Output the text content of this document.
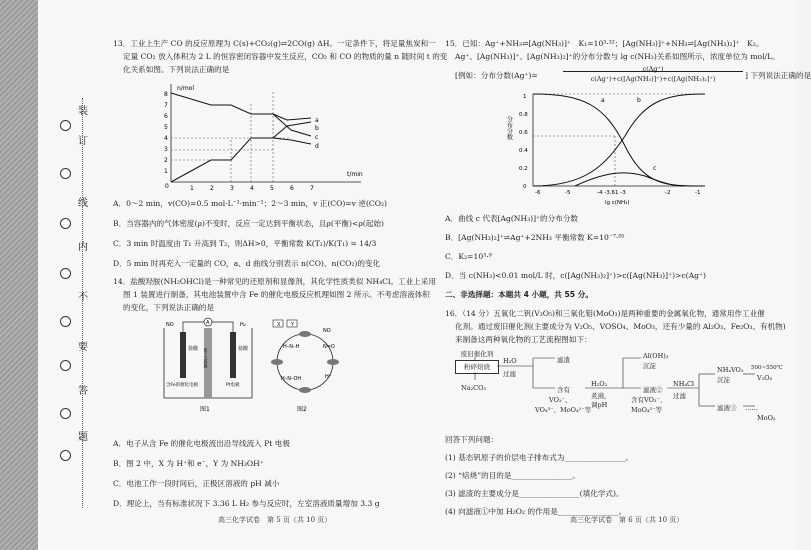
装
订
线
内
不
要
答
题
13．工业上生产 CO 的反应原理为 C(s)+CO₂(g)⇌2CO(g) ΔH。一定条件下，将足量焦炭和一
定量 CO₂ 放入体积为 2 L 的恒容密闭容器中发生反应，CO₂ 和 CO 的物质的量 n 随时间 t 的变
化关系如图。下列说法正确的是
n/mol
t/min
0
8
7
6
5
4
3
2
1
1	2	3	4	5	6	7
a
b
c
d
A．0～2 min，v(CO)=0.5 mol·L⁻¹·min⁻¹；2～3 min，v 正(CO)=v 逆(CO₂)
B．当容器内的气体密度(ρ)不变时，反应一定达到平衡状态，且ρ(平衡)<ρ(起始)
C．3 min 时温度由 T₁ 升高到 T₂，则ΔH>0，平衡常数 K(T₂)/K(T₁) = 14/3
D．5 min 时再充入一定量的 CO，a、d 曲线分别表示 n(CO)、n(CO₂)的变化
14．盐酸羟胺(NH₂OHCl)是一种常见的还原剂和显像剂，其化学性质类似 NH₄Cl。工业上采用
图 1 装置进行制备，其电池装置中含 Fe 的催化电极反应机理如图 2 所示。不考虑溶液体积
的变化，下列说法正确的是
A
NO	H₂
盐酸	盐酸
质子交换膜
含Fe的催化电极	Pt电极
图1
Y
X
NO
N=O
H⁺
H–N–H
H–N–OH
图2
A．电子从含 Fe 的催化电极流出沿导线流入 Pt 电极
B．图 2 中，X 为 H⁺和 e⁻，Y 为 NH₃OH⁺
C．电池工作一段时间后，正极区溶液的 pH 减小
D．理论上，当有标准状况下 3.36 L H₂ 参与反应时，左室溶液质量增加 3.3 g
高三化学试卷　第 5 页（共 10 页）
15．已知：Ag⁺+NH₃⇌[Ag(NH₃)]⁺　K₁=10³·³²；[Ag(NH₃)]⁺+NH₃⇌[Ag(NH₃)₂]⁺　K₂。
Ag⁺、[Ag(NH₃)]⁺、[Ag(NH₃)₂]⁺的分布分数与 lg c(NH₃)关系如图所示，浓度单位为 mol/L。
[例如：分布分数(Ag⁺)=
c(Ag⁺)
c(Ag⁺)+c([Ag(NH₃)]⁺)+c([Ag(NH₃)₂]⁺)	] 下列说法正确的是
分布分数
1
0.8
0.6
0.4
0.2
0
-6	-5	-4 -3.61 -3	-2	-1
lg c(NH₃)
a	b
c
A．曲线 c 代表[Ag(NH₃)]⁺的分布分数
B．[Ag(NH₃)₂]⁺⇌Ag⁺+2NH₃ 平衡常数 K=10⁻⁷·⁰⁵
C．K₂=10³·⁹
D．当 c(NH₃)<0.01 mol/L 时，c([Ag(NH₃)₂]⁺)>c([Ag(NH₃)]⁺)>c(Ag⁺)
二、非选择题：本题共 4 小题，共 55 分。
16．（14 分）五氧化二钒(V₂O₅)和三氧化钼(MoO₃)是两种重要的金属氧化物，通常用作工业催
化剂。通过废旧催化剂(主要成分为 V₂O₅、VOSO₄、MoO₃，还有少量的 Al₂O₃、Fe₂O₃、有机物)
来制备这两种氧化物的工艺流程图如下：
废旧催化剂
粉碎焙烧
Na₂CO₃
H₂O
过滤
滤渣
含有
VO₃⁻、
VO₄³⁻、MoO₄²⁻等
H₂O₂
煮沸，
调pH
Al(OH)₃
沉淀
滤液②
含有VO₃⁻、
MoO₄²⁻等
NH₄Cl
过滤
NH₄VO₃
沉淀
500~550℃
V₂O₅
滤液③ ……
MoO₃
回答下列问题：
(1) 基态钒原子的价层电子排布式为________________。
(2) “焙烧”的目的是________________。
(3) 滤渣的主要成分是________________(填化学式)。
(4) 向滤液①中加 H₂O₂ 的作用是________________。
高三化学试卷　第 6 页（共 10 页）
